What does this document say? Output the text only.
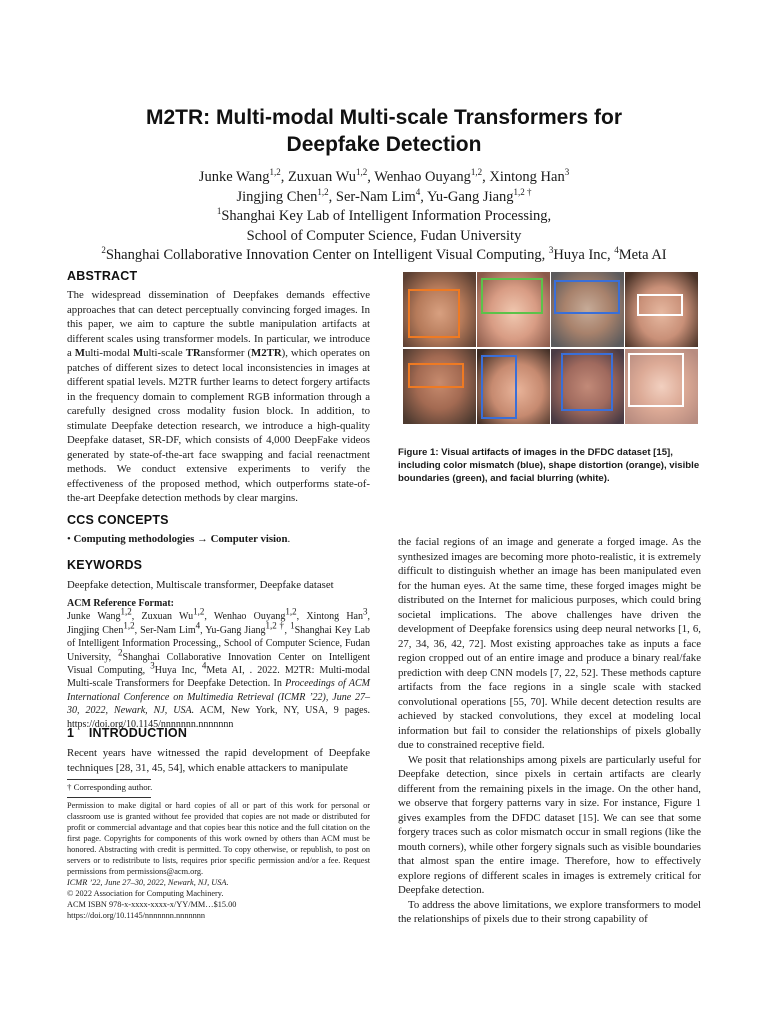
M2TR: Multi-modal Multi-scale Transformers for
Deepfake Detection
Junke Wang$^{1,2}$, Zuxuan Wu$^{1,2}$, Wenhao Ouyang$^{1,2}$, Xintong Han$^3$
Jingjing Chen$^{1,2}$, Ser-Nam Lim$^4$, Yu-Gang Jiang$^{1,2 \dagger}$
$^1$Shanghai Key Lab of Intelligent Information Processing,
School of Computer Science, Fudan University
$^2$Shanghai Collaborative Innovation Center on Intelligent Visual Computing, $^3$Huya Inc, $^4$Meta AI
ABSTRACT
The widespread dissemination of Deepfakes demands effective approaches that can detect perceptually convincing forged images. In this paper, we aim to capture the subtle manipulation artifacts at different scales using transformer models. In particular, we introduce a Multi-modal Multi-scale TRansformer (M2TR), which operates on patches of different sizes to detect local inconsistencies in images at different spatial levels. M2TR further learns to detect forgery artifacts in the frequency domain to complement RGB information through a carefully designed cross modality fusion block. In addition, to stimulate Deepfake detection research, we introduce a high-quality Deepfake dataset, SR-DF, which consists of 4,000 DeepFake videos generated by state-of-the-art face swapping and facial reenactment methods. We conduct extensive experiments to verify the effectiveness of the proposed method, which outperforms state-of-the-art Deepfake detection methods by clear margins.
CCS CONCEPTS
• Computing methodologies → Computer vision.
KEYWORDS
Deepfake detection, Multiscale transformer, Deepfake dataset
ACM Reference Format:
Junke Wang$^{1,2}$, Zuxuan Wu$^{1,2}$, Wenhao Ouyang$^{1,2}$, Xintong Han$^3$, Jingjing Chen$^{1,2}$, Ser-Nam Lim$^4$, Yu-Gang Jiang$^{1,2 \dagger}$, $^1$Shanghai Key Lab of Intelligent Information Processing,, School of Computer Science, Fudan University, $^2$Shanghai Collaborative Innovation Center on Intelligent Visual Computing, $^3$Huya Inc, $^4$Meta AI, . 2022. M2TR: Multi-modal Multi-scale Transformers for Deepfake Detection. In Proceedings of ACM International Conference on Multimedia Retrieval (ICMR ’22), June 27–30, 2022, Newark, NJ, USA. ACM, New York, NY, USA, 9 pages. https://doi.org/10.1145/nnnnnnn.nnnnnnn
1 INTRODUCTION
Recent years have witnessed the rapid development of Deepfake techniques [28, 31, 45, 54], which enable attackers to manipulate
† Corresponding author.
Permission to make digital or hard copies of all or part of this work for personal or classroom use is granted without fee provided that copies are not made or distributed for profit or commercial advantage and that copies bear this notice and the full citation on the first page. Copyrights for components of this work owned by others than ACM must be honored. Abstracting with credit is permitted. To copy otherwise, or republish, to post on servers or to redistribute to lists, requires prior specific permission and/or a fee. Request permissions from permissions@acm.org.
ICMR ’22, June 27–30, 2022, Newark, NJ, USA.
© 2022 Association for Computing Machinery.
ACM ISBN 978-x-xxxx-xxxx-x/YY/MM…$15.00
https://doi.org/10.1145/nnnnnnn.nnnnnnn
Figure 1: Visual artifacts of images in the DFDC dataset [15], including color mismatch (blue), shape distortion (orange), visible boundaries (green), and facial blurring (white).
the facial regions of an image and generate a forged image. As the synthesized images are becoming more photo-realistic, it is extremely difficult to distinguish whether an image has been manipulated even for the human eyes. At the same time, these forged images might be distributed on the Internet for malicious purposes, which could bring societal implications. The above challenges have driven the development of Deepfake forensics using deep neural networks [1, 6, 27, 34, 36, 42, 72]. Most existing approaches take as inputs a face region cropped out of an entire image and produce a binary real/fake prediction with deep CNN models [7, 22, 52]. These methods capture artifacts from the face regions in a single scale with stacked convolutional operations [55, 70]. While decent detection results are achieved by stacked convolutions, they excel at modeling local information but fail to consider the relationships of pixels globally due to constrained receptive field.
We posit that relationships among pixels are particularly useful for Deepfake detection, since pixels in certain artifacts are clearly different from the remaining pixels in the image. On the other hand, we observe that forgery patterns vary in size. For instance, Figure 1 gives examples from the DFDC dataset [15]. We can see that some forgery traces such as color mismatch occur in small regions (like the mouth corners), while other forgery signals such as visible boundaries that almost span the entire image. Therefore, how to effectively explore regions of different scales in images is extremely critical for Deepfake detection.
To address the above limitations, we explore transformers to model the relationships of pixels due to their strong capability of
